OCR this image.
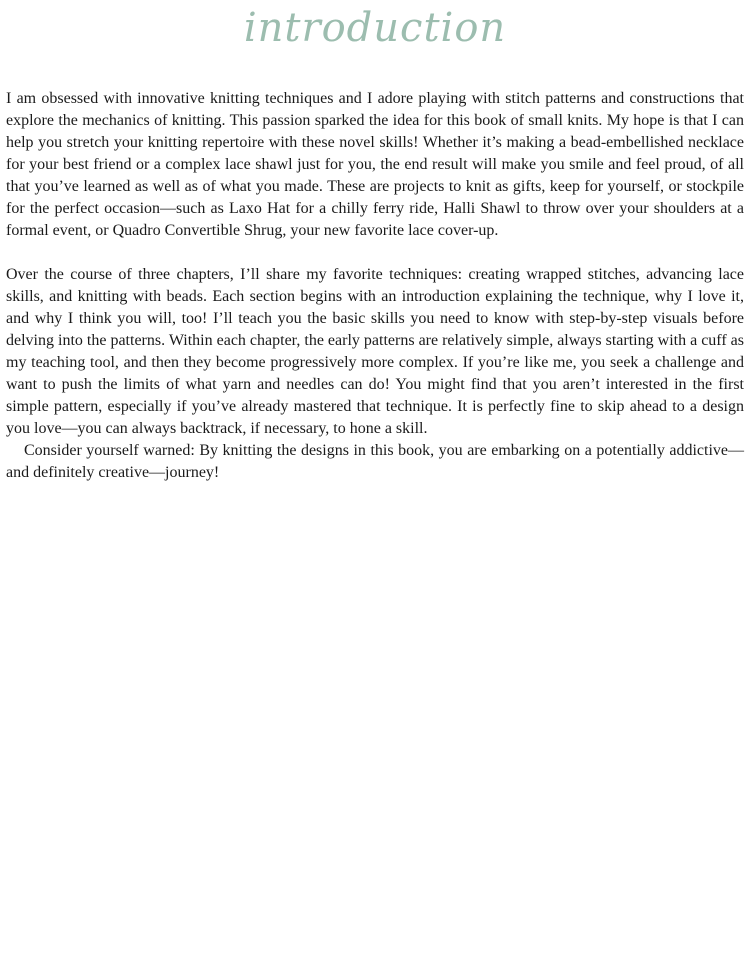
introduction

I am obsessed with innovative knitting techniques and I adore playing with stitch patterns and constructions that explore the mechanics of knitting. This passion sparked the idea for this book of small knits. My hope is that I can help you stretch your knitting repertoire with these novel skills! Whether it’s making a bead-embellished necklace for your best friend or a complex lace shawl just for you, the end result will make you smile and feel proud, of all that you’ve learned as well as of what you made. These are projects to knit as gifts, keep for yourself, or stockpile for the perfect occasion—such as Laxo Hat for a chilly ferry ride, Halli Shawl to throw over your shoulders at a formal event, or Quadro Convertible Shrug, your new favorite lace cover-up.

Over the course of three chapters, I’ll share my favorite techniques: creating wrapped stitches, advancing lace skills, and knitting with beads. Each section begins with an introduction explaining the technique, why I love it, and why I think you will, too! I’ll teach you the basic skills you need to know with step-by-step visuals before delving into the patterns. Within each chapter, the early patterns are relatively simple, always starting with a cuff as my teaching tool, and then they become progressively more complex. If you’re like me, you seek a challenge and want to push the limits of what yarn and needles can do! You might find that you aren’t interested in the first simple pattern, especially if you’ve already mastered that technique. It is perfectly fine to skip ahead to a design you love—you can always backtrack, if necessary, to hone a skill.

Consider yourself warned: By knitting the designs in this book, you are embarking on a potentially addictive—and definitely creative—journey!
